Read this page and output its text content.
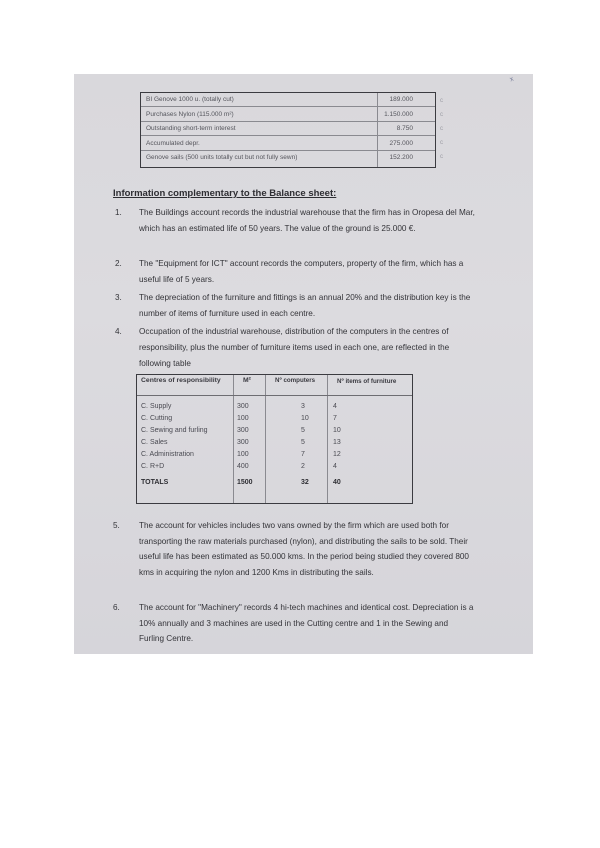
x
BI Genove 1000 u. (totally cut)	189.000
Purchases Nylon (115.000 m²)	1.150.000
Outstanding short-term interest	8.750
Accumulated depr.	275.000
Genove sails (500 units totally cut but not fully sewn)	152.200
c
c
c
c
c
Information complementary to the Balance sheet:
1. The Buildings account records the industrial warehouse that the firm has in Oropesa del Mar, which has an estimated life of 50 years. The value of the ground is 25.000 €.
2. The "Equipment for ICT" account records the computers, property of the firm, which has a useful life of 5 years.
3. The depreciation of the furniture and fittings is an annual 20% and the distribution key is the number of items of furniture used in each centre.
4. Occupation of the industrial warehouse, distribution of the computers in the centres of responsibility, plus the number of furniture items used in each one, are reflected in the following table
Centres of responsibility	M²	Nº computers	Nº items of furniture
C. Supply	300	3	4
C. Cutting	100	10	7
C. Sewing and furling	300	5	10
C. Sales	300	5	13
C. Administration	100	7	12
C. R+D	400	2	4
TOTALS	1500	32	40
5. The account for vehicles includes two vans owned by the firm which are used both for transporting the raw materials purchased (nylon), and distributing the sails to be sold. Their useful life has been estimated as 50.000 kms. In the period being studied they covered 800 kms in acquiring the nylon and 1200 Kms in distributing the sails.
6. The account for "Machinery" records 4 hi-tech machines and identical cost. Depreciation is a 10% annually and 3 machines are used in the Cutting centre and 1 in the Sewing and Furling Centre.
